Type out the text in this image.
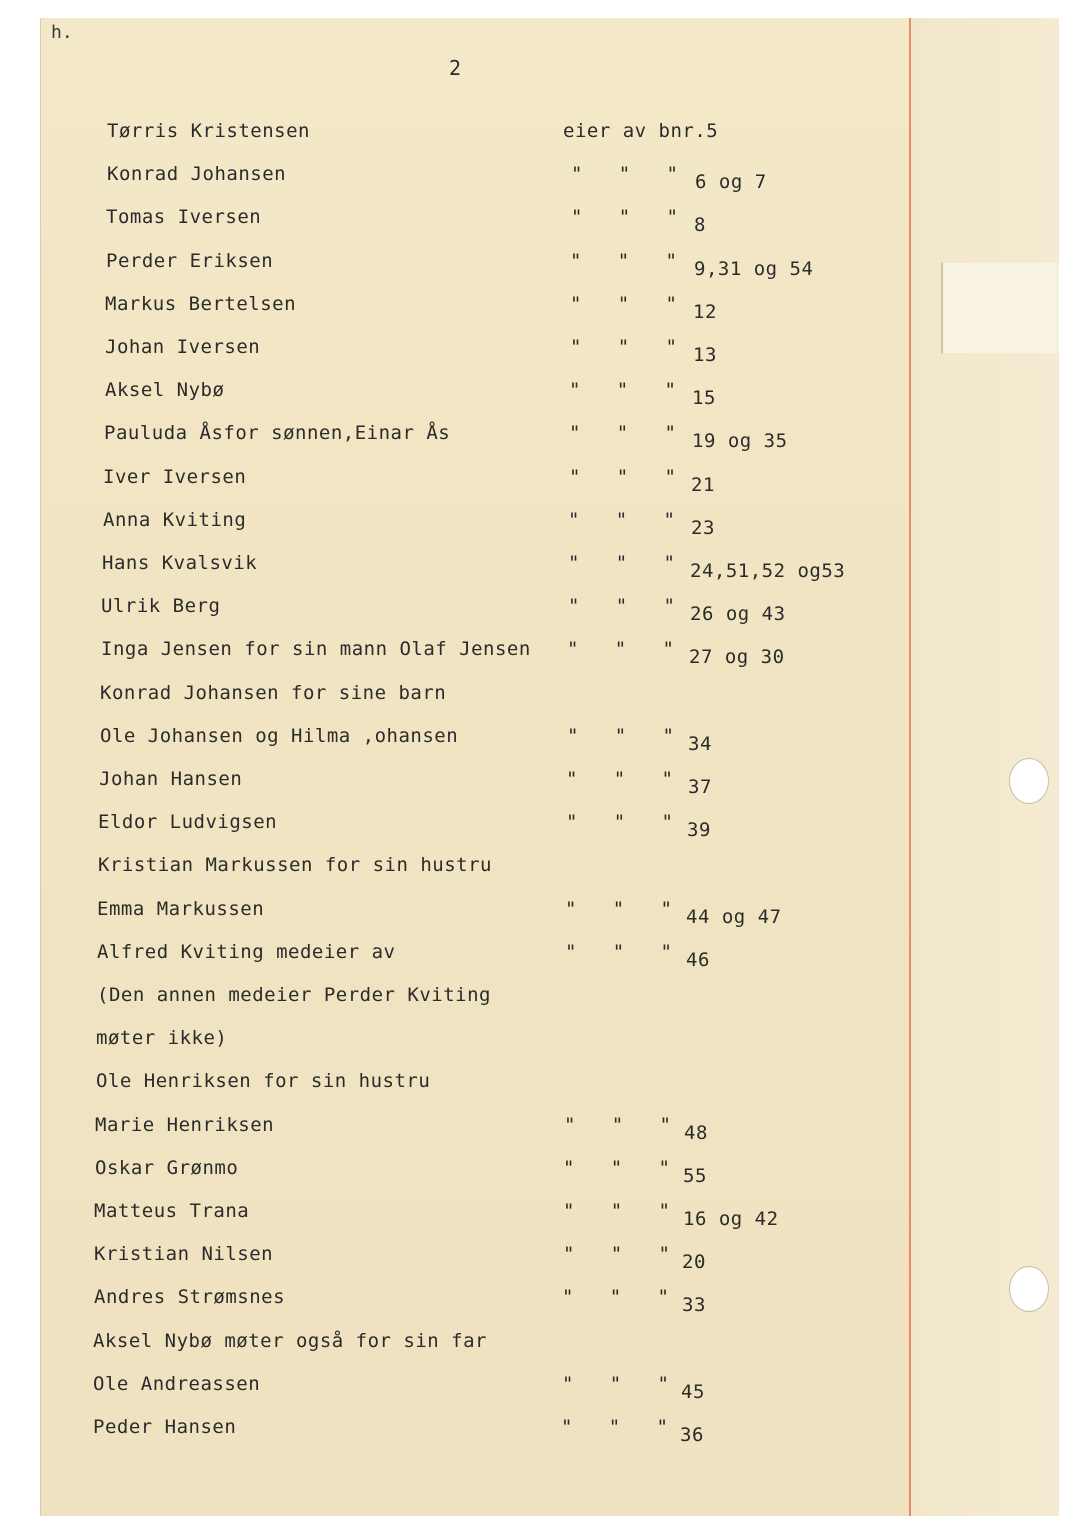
h.
2
Tørris Kristensen	eier av bnr.5
Konrad Johansen	"   "   " 6 og 7
Tomas Iversen	"   "   " 8
Perder Eriksen	"   "   " 9,31 og 54
Markus Bertelsen	"   "   " 12
Johan Iversen	"   "   " 13
Aksel Nybø	"   "   " 15
Pauluda Åsfor sønnen,Einar Ås	"   "   " 19 og 35
Iver Iversen	"   "   " 21
Anna Kviting	"   "   " 23
Hans Kvalsvik	"   "   " 24,51,52 og53
Ulrik Berg	"   "   " 26 og 43
Inga Jensen for sin mann Olaf Jensen "   "   " 27 og 30
Konrad Johansen for sine barn
Ole Johansen og Hilma ,ohansen	"   "   " 34
Johan Hansen	"   "   " 37
Eldor Ludvigsen	"   "   " 39
Kristian Markussen for sin hustru
Emma Markussen	"   "   " 44 og 47
Alfred Kviting medeier av	"   "   " 46
(Den annen medeier Perder Kviting
møter ikke)
Ole Henriksen for sin hustru
Marie Henriksen	"   "   " 48
Oskar Grønmo	"   "   " 55
Matteus Trana	"   "   " 16 og 42
Kristian Nilsen	"   "   " 20
Andres Strømsnes	"   "   " 33
Aksel Nybø møter også for sin far
Ole Andreassen	"   "   " 45
Peder Hansen	"   "   " 36
